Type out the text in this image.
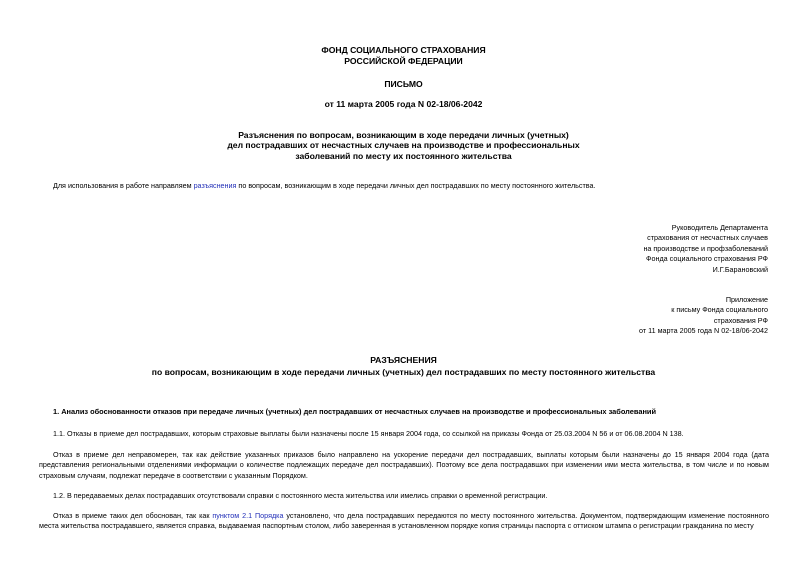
ФОНД СОЦИАЛЬНОГО СТРАХОВАНИЯ
РОССИЙСКОЙ ФЕДЕРАЦИИ
ПИСЬМО
от 11 марта 2005 года N 02-18/06-2042
Разъяснения по вопросам, возникающим в ходе передачи личных (учетных)
дел пострадавших от несчастных случаев на производстве и профессиональных
заболеваний по месту их постоянного жительства
Для использования в работе направляем разъяснения по вопросам, возникающим в ходе передачи личных дел пострадавших по месту постоянного жительства.
Руководитель Департамента
страхования от несчастных случаев
на производстве и профзаболеваний
Фонда социального страхования РФ
И.Г.Барановский
Приложение
к письму Фонда социального
страхования РФ
от 11 марта 2005 года N 02-18/06-2042
РАЗЪЯСНЕНИЯ
по вопросам, возникающим в ходе передачи личных (учетных) дел пострадавших по месту постоянного жительства
1. Анализ обоснованности отказов при передаче личных (учетных) дел пострадавших от несчастных случаев на производстве и профессиональных заболеваний
1.1. Отказы в приеме дел пострадавших, которым страховые выплаты были назначены после 15 января 2004 года, со ссылкой на приказы Фонда от 25.03.2004 N 56 и от 06.08.2004 N 138.
Отказ в приеме дел неправомерен, так как действие указанных приказов было направлено на ускорение передачи дел пострадавших, выплаты которым были назначены до 15 января 2004 года (дата представления региональными отделениями информации о количестве подлежащих передаче дел пострадавших). Поэтому все дела пострадавших при изменении ими места жительства, в том числе и по новым страховым случаям, подлежат передаче в соответствии с указанным Порядком.
1.2. В передаваемых делах пострадавших отсутствовали справки с постоянного места жительства или имелись справки о временной регистрации.
Отказ в приеме таких дел обоснован, так как пунктом 2.1 Порядка установлено, что дела пострадавших передаются по месту постоянного жительства. Документом, подтверждающим изменение постоянного места жительства пострадавшего, является справка, выдаваемая паспортным столом, либо заверенная в установленном порядке копия страницы паспорта с оттиском штампа о регистрации гражданина по месту
